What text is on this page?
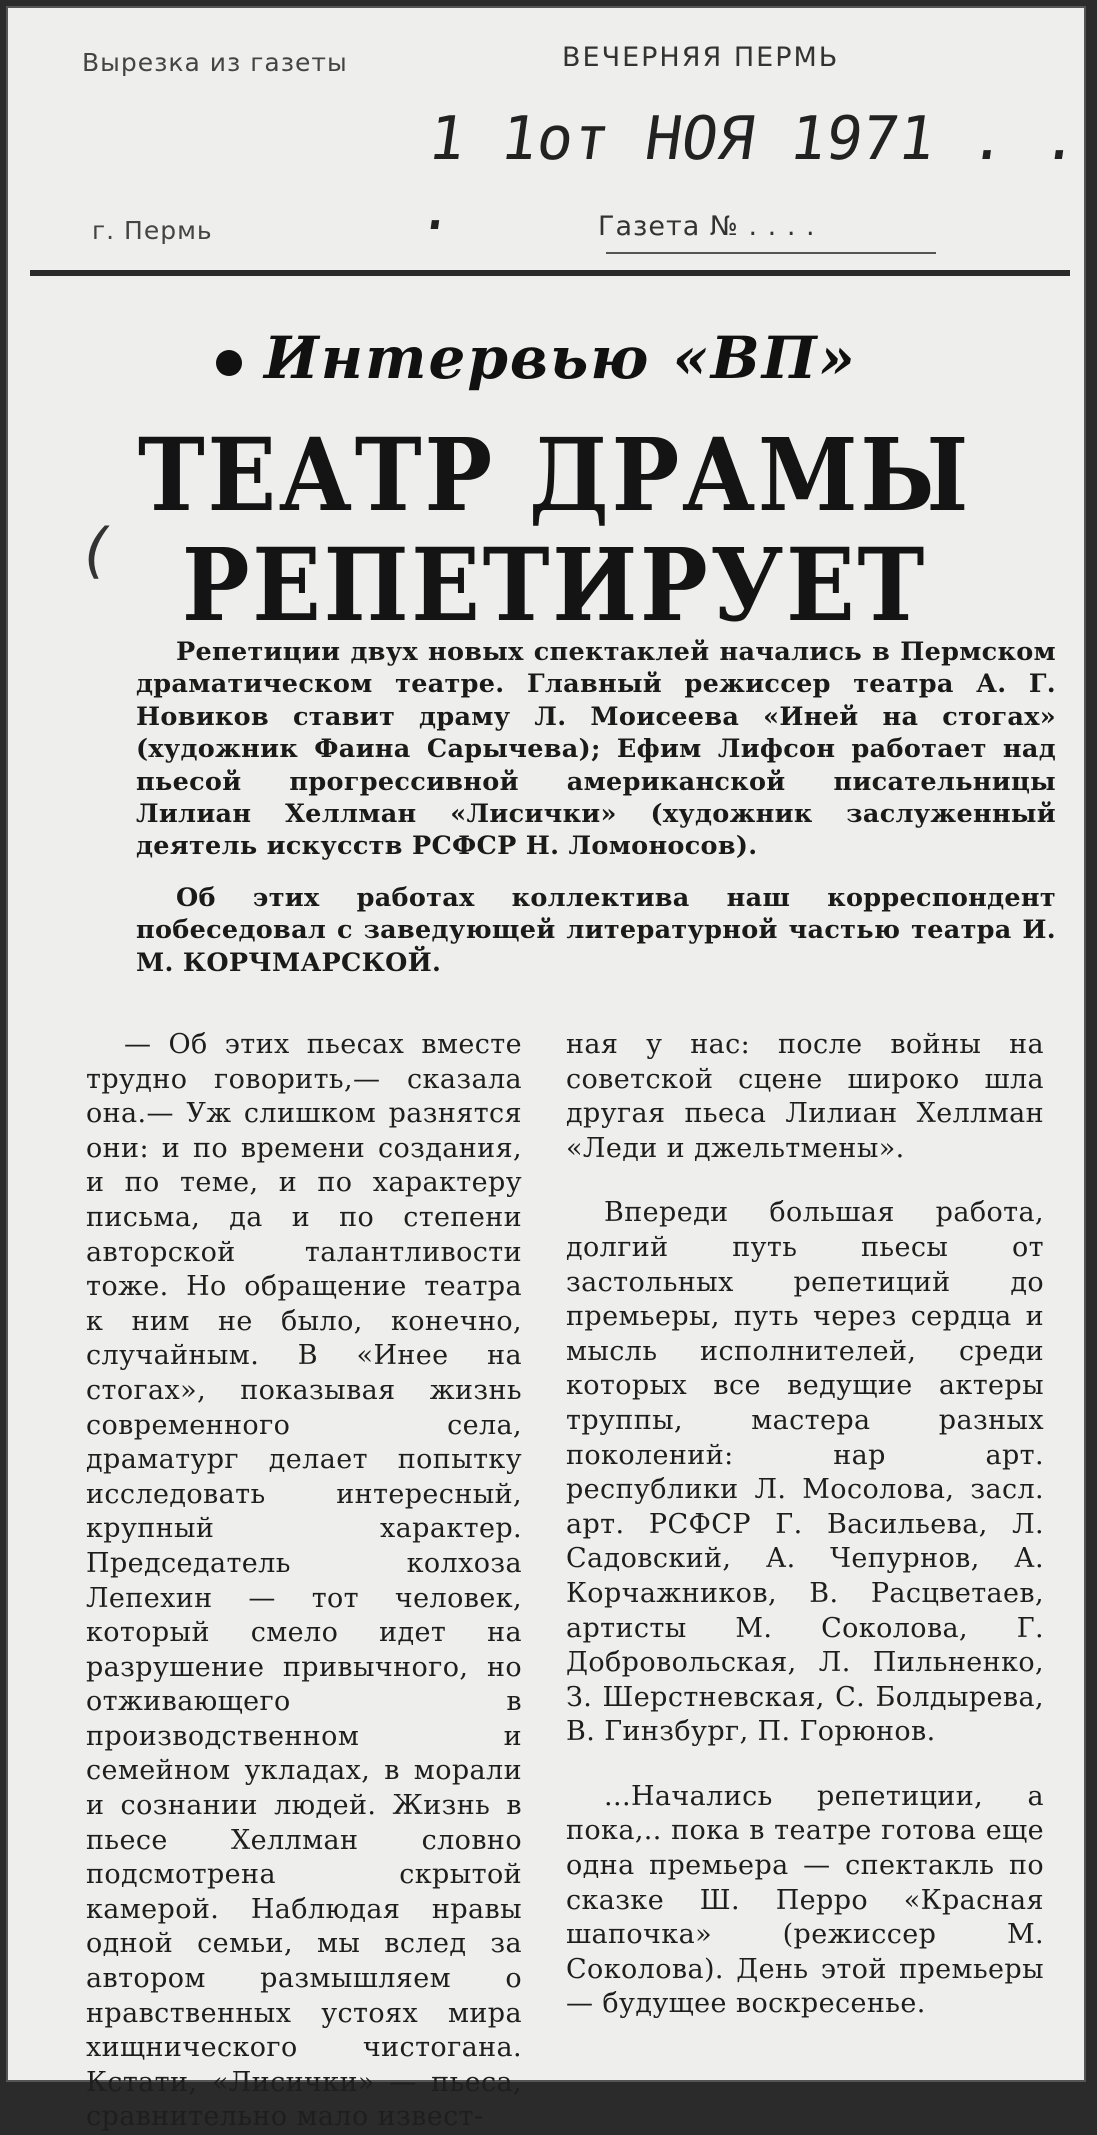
Вырезка из газеты	ВЕЧЕРНЯЯ ПЕРМЬ
1 1от НОЯ 1971 . . .
г. Пермь	Газета № . . . .
Интервью «ВП»
(
ТЕАТР ДРАМЫ
РЕПЕТИРУЕТ
Репетиции двух новых спектаклей начались в Пермском драматическом театре. Главный режиссер театра А. Г. Новиков ставит драму Л. Моисеева «Иней на стогах» (художник Фаина Сарычева); Ефим Лифсон работает над пьесой прогрессивной американской писательницы Лилиан Хеллман «Лисички» (художник заслуженный деятель искусств РСФСР Н. Ломоносов).
Об этих работах коллектива наш корреспондент побеседовал с заведующей литературной частью театра И. М. КОРЧМАРСКОЙ.

— Об этих пьесах вместе трудно говорить,— сказала она.— Уж слишком разнятся они: и по времени создания, и по теме, и по характеру письма, да и по степени авторской талантливости тоже. Но обращение театра к ним не было, конечно, случайным. В «Инее на стогах», показывая жизнь современного села, драматург делает попытку исследовать интересный, крупный характер. Председатель колхоза Лепехин — тот человек, который смело идет на разрушение привычного, но отживающего в производственном и семейном укладах, в морали и сознании людей. Жизнь в пьесе Хеллман словно подсмотрена скрытой камерой. Наблюдая нравы одной семьи, мы вслед за автором размышляем о нравственных устоях мира хищнического чистогана. Кстати, «Лисички» — пьеса, сравнительно мало извест-

ная у нас: после войны на советской сцене широко шла другая пьеса Лилиан Хеллман «Леди и джельтмены».

Впереди большая работа, долгий путь пьесы от застольных репетиций до премьеры, путь через сердца и мысль исполнителей, среди которых все ведущие актеры труппы, мастера разных поколений: нар арт. республики Л. Мосолова, засл. арт. РСФСР Г. Васильева, Л. Садовский, А. Чепурнов, А. Корчажников, В. Расцветаев, артисты М. Соколова, Г. Добровольская, Л. Пильненко, З. Шерстневская, С. Болдырева, В. Гинзбург, П. Горюнов.

...Начались репетиции, а пока,.. пока в театре готова еще одна премьера — спектакль по сказке Ш. Перро «Красная шапочка» (режиссер М. Соколова). День этой премьеры — будущее воскресенье.
